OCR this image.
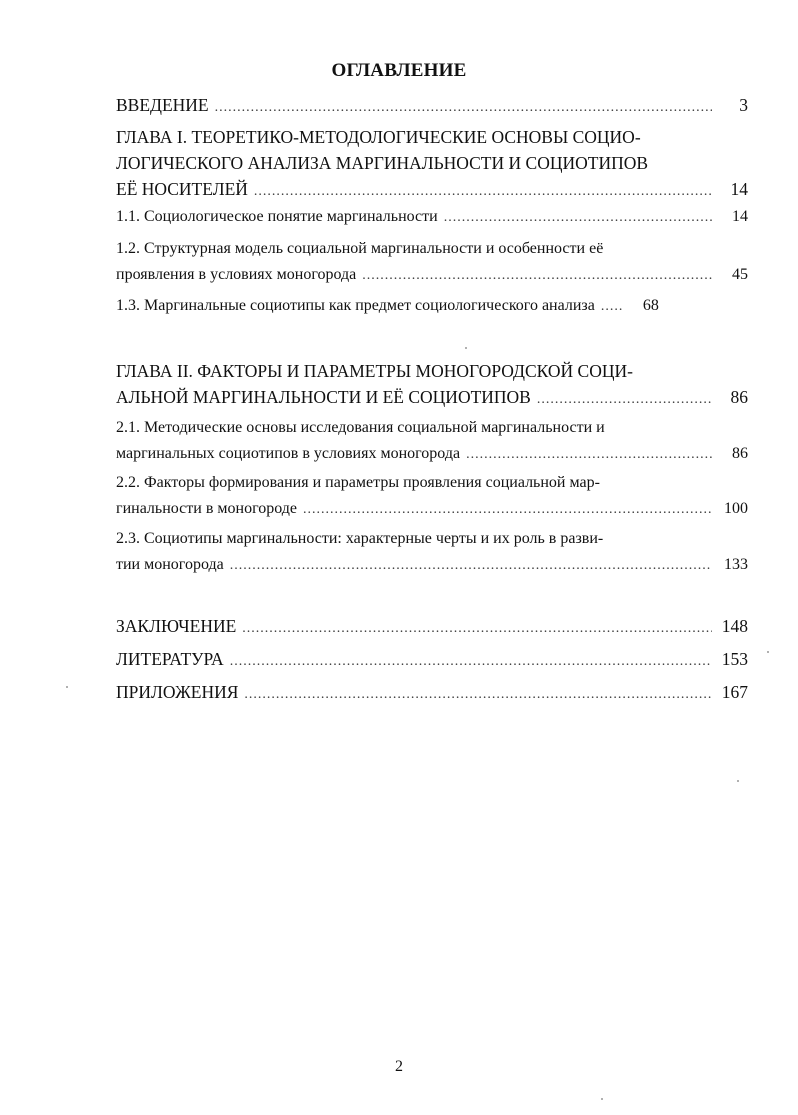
ОГЛАВЛЕНИЕ
ВВЕДЕНИЕ .....	3
ГЛАВА I. ТЕОРЕТИКО-МЕТОДОЛОГИЧЕСКИЕ ОСНОВЫ СОЦИО-
ЛОГИЧЕСКОГО АНАЛИЗА МАРГИНАЛЬНОСТИ И СОЦИОТИПОВ
ЕЁ НОСИТЕЛЕЙ .....	14
1.1. Социологическое понятие маргинальности .....	14
1.2. Структурная модель социальной маргинальности и особенности её
проявления в условиях моногорода .....	45
1.3. Маргинальные социотипы как предмет социологического анализа .....	68
ГЛАВА II. ФАКТОРЫ И ПАРАМЕТРЫ МОНОГОРОДСКОЙ СОЦИ-
АЛЬНОЙ МАРГИНАЛЬНОСТИ И ЕЁ СОЦИОТИПОВ .....	86
2.1. Методические основы исследования социальной маргинальности и
маргинальных социотипов в условиях моногорода .....	86
2.2. Факторы формирования и параметры проявления социальной мар-
гинальности в моногороде .....	100
2.3. Социотипы маргинальности: характерные черты и их роль в разви-
тии моногорода .....	133
ЗАКЛЮЧЕНИЕ .....	148
ЛИТЕРАТУРА .....	153
ПРИЛОЖЕНИЯ .....	167
2
